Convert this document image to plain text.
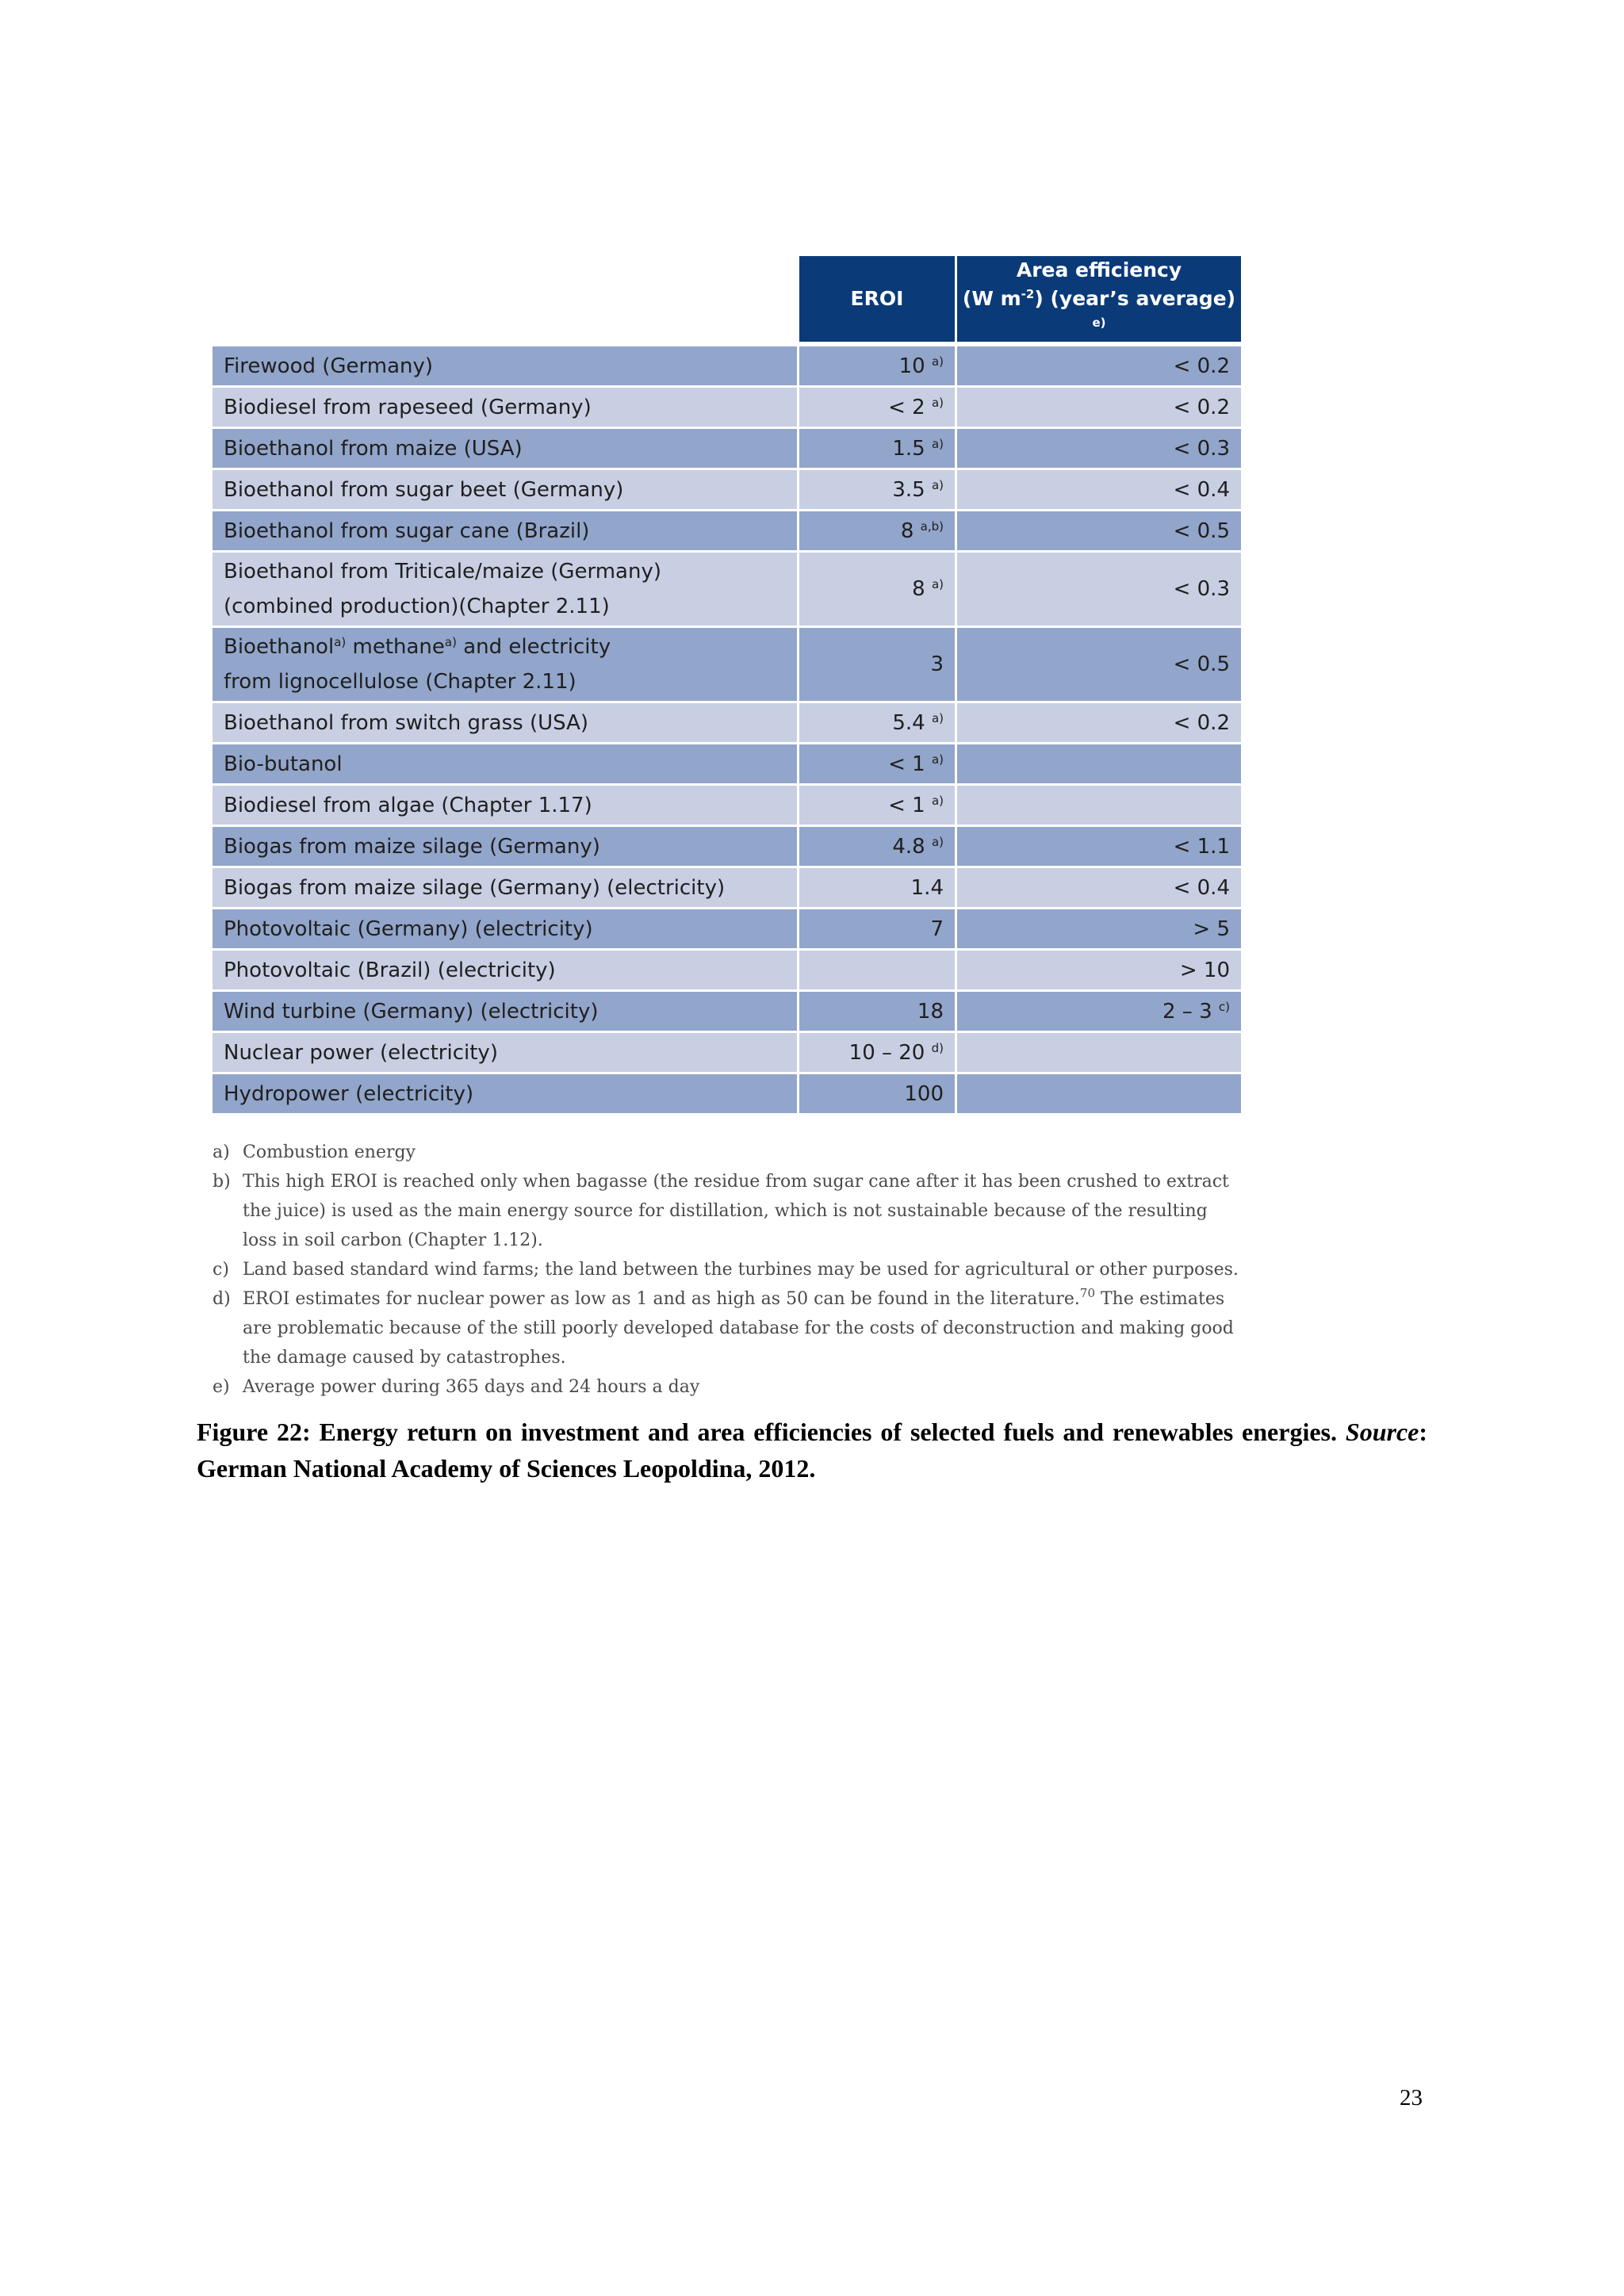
	EROI	Area efficiency
(W $m^{-2}$) (year’s average) $^{e)}$

Firewood (Germany)	10 $^{a)}$	< 0.2

Biodiesel from rapeseed (Germany)	< 2 $^{a)}$	< 0.2

Bioethanol from maize (USA)	1.5 $^{a)}$	< 0.3

Bioethanol from sugar beet (Germany)	3.5 $^{a)}$	< 0.4

Bioethanol from sugar cane (Brazil)	8 $^{a,b)}$	< 0.5

Bioethanol from Triticale/maize (Germany)
(combined production)(Chapter 2.11)	8 $^{a)}$	< 0.3

Bioethanol$^{a)}$ methane$^{a)}$ and electricity
from lignocellulose (Chapter 2.11)	3	< 0.5

Bioethanol from switch grass (USA)	5.4 $^{a)}$	< 0.2

Bio-butanol	< 1 $^{a)}$	

Biodiesel from algae (Chapter 1.17)	< 1 $^{a)}$	

Biogas from maize silage (Germany)	4.8 $^{a)}$	< 1.1

Biogas from maize silage (Germany) (electricity)	1.4	< 0.4

Photovoltaic (Germany) (electricity)	7	> 5

Photovoltaic (Brazil) (electricity)		> 10

Wind turbine (Germany) (electricity)	18	2 – 3 $^{c)}$

Nuclear power (electricity)	10 – 20 $^{d)}$	

Hydropower (electricity)	100	
a) Combustion energy
b) This high EROI is reached only when bagasse (the residue from sugar cane after it has been crushed to extract the juice) is used as the main energy source for distillation, which is not sustainable because of the resulting loss in soil carbon (Chapter 1.12).
c) Land based standard wind farms; the land between the turbines may be used for agricultural or other purposes.
d) EROI estimates for nuclear power as low as 1 and as high as 50 can be found in the literature.$^{70}$ The estimates are problematic because of the still poorly developed database for the costs of deconstruction and making good the damage caused by catastrophes.
e) Average power during 365 days and 24 hours a day
Figure 22: Energy return on investment and area efficiencies of selected fuels and renewables energies. Source: German National Academy of Sciences Leopoldina, 2012.
23
